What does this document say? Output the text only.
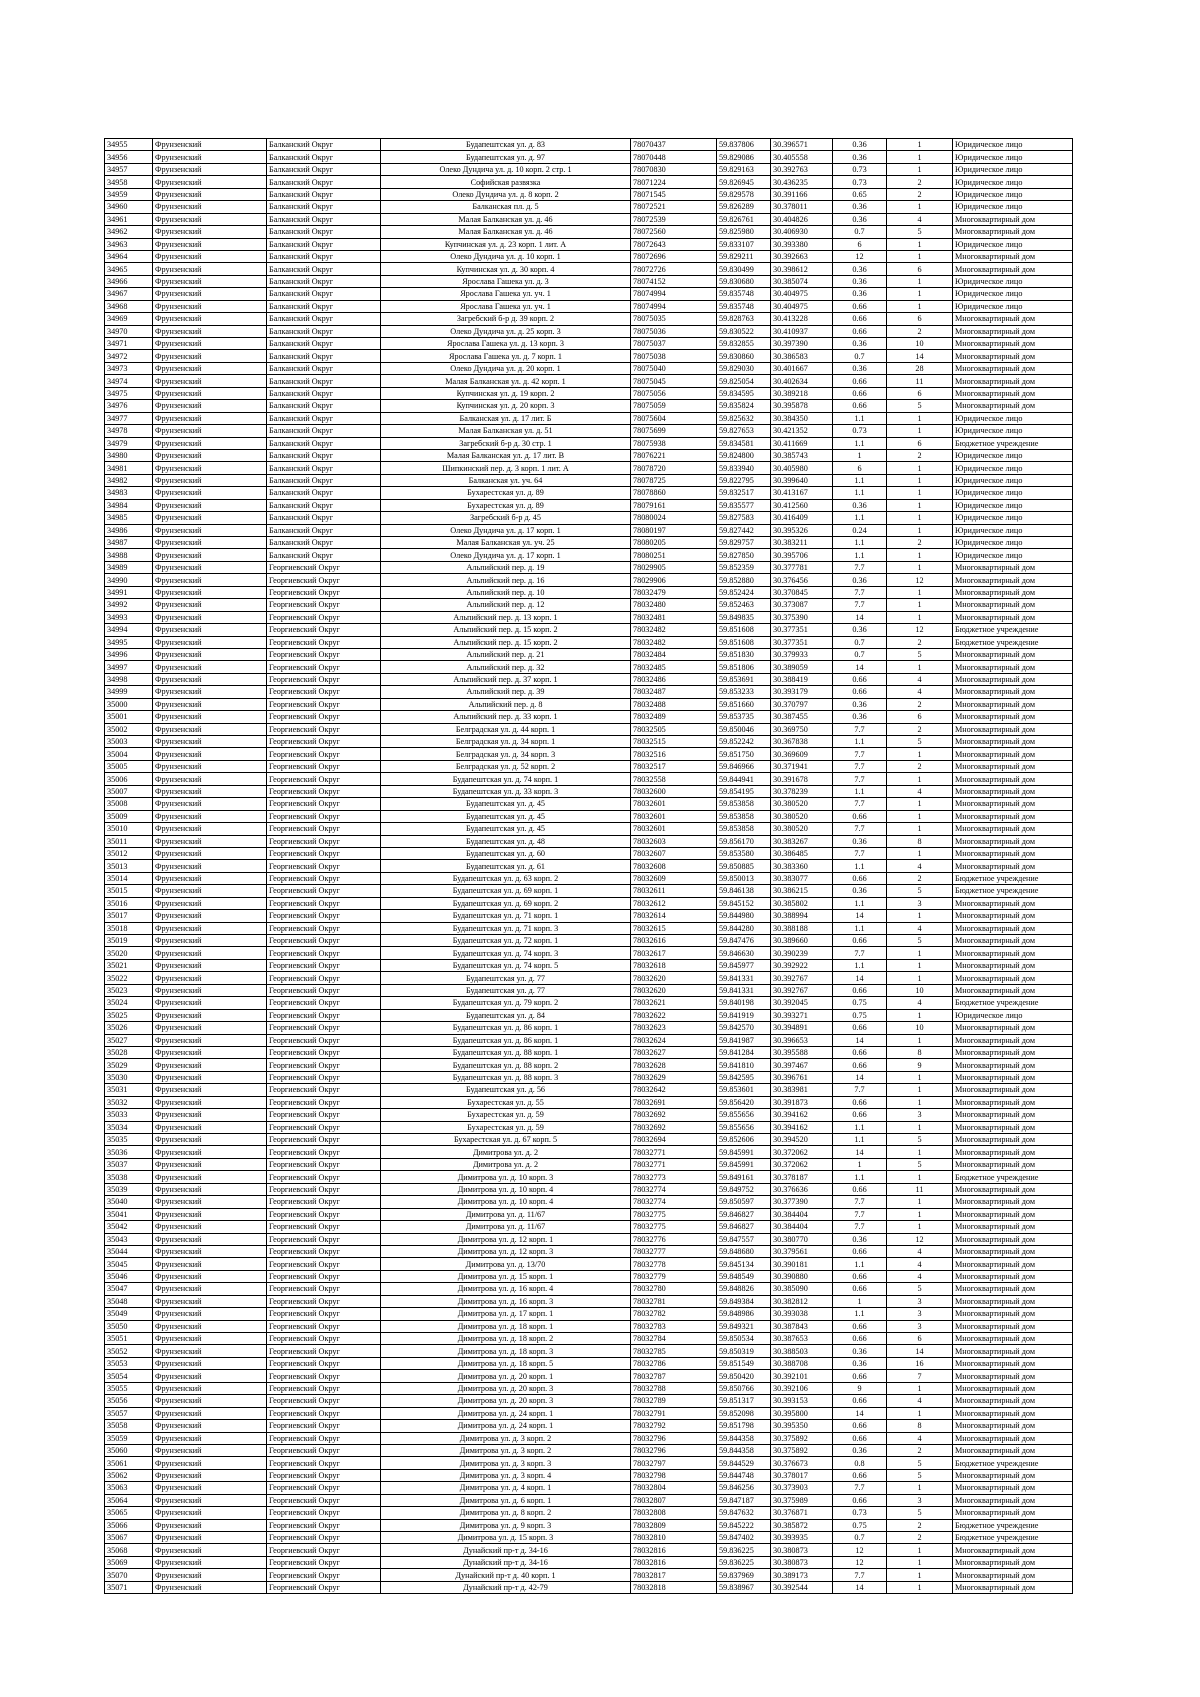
34955	Фрунзенский	Балканский Округ	Будапештская ул. д. 83	78070437	59.837806	30.396571	0.36	1	Юридическое лицо
34956	Фрунзенский	Балканский Округ	Будапештская ул. д. 97	78070448	59.829086	30.405558	0.36	1	Юридическое лицо
34957	Фрунзенский	Балканский Округ	Олеко Дундича ул. д. 10 корп. 2 стр. 1	78070830	59.829163	30.392763	0.73	1	Юридическое лицо
34958	Фрунзенский	Балканский Округ	Софийская развязка	78071224	59.826945	30.436235	0.73	2	Юридическое лицо
34959	Фрунзенский	Балканский Округ	Олеко Дундича ул. д. 8 корп. 2	78071545	59.829578	30.391166	0.65	2	Юридическое лицо
34960	Фрунзенский	Балканский Округ	Балканская пл. д. 5	78072521	59.826289	30.378011	0.36	1	Юридическое лицо
34961	Фрунзенский	Балканский Округ	Малая Балканская ул. д. 46	78072539	59.826761	30.404826	0.36	4	Многоквартирный дом
34962	Фрунзенский	Балканский Округ	Малая Балканская ул. д. 46	78072560	59.825980	30.406930	0.7	5	Многоквартирный дом
34963	Фрунзенский	Балканский Округ	Купчинская ул. д. 23 корп. 1 лит. А	78072643	59.833107	30.393380	6	1	Юридическое лицо
34964	Фрунзенский	Балканский Округ	Олеко Дундича ул. д. 10 корп. 1	78072696	59.829211	30.392663	12	1	Многоквартирный дом
34965	Фрунзенский	Балканский Округ	Купчинская ул. д. 30 корп. 4	78072726	59.830499	30.398612	0.36	6	Многоквартирный дом
34966	Фрунзенский	Балканский Округ	Ярослава Гашека ул. д. 3	78074152	59.830680	30.385074	0.36	1	Юридическое лицо
34967	Фрунзенский	Балканский Округ	Ярослава Гашека ул. уч. 1	78074994	59.835748	30.404975	0.36	1	Юридическое лицо
34968	Фрунзенский	Балканский Округ	Ярослава Гашека ул. уч. 1	78074994	59.835748	30.404975	0.66	1	Юридическое лицо
34969	Фрунзенский	Балканский Округ	Загребский б-р д. 39 корп. 2	78075035	59.828763	30.413228	0.66	6	Многоквартирный дом
34970	Фрунзенский	Балканский Округ	Олеко Дундича ул. д. 25 корп. 3	78075036	59.830522	30.410937	0.66	2	Многоквартирный дом
34971	Фрунзенский	Балканский Округ	Ярослава Гашека ул. д. 13 корп. 3	78075037	59.832855	30.397390	0.36	10	Многоквартирный дом
34972	Фрунзенский	Балканский Округ	Ярослава Гашека ул. д. 7 корп. 1	78075038	59.830860	30.386583	0.7	14	Многоквартирный дом
34973	Фрунзенский	Балканский Округ	Олеко Дундича ул. д. 20 корп. 1	78075040	59.829030	30.401667	0.36	28	Многоквартирный дом
34974	Фрунзенский	Балканский Округ	Малая Балканская ул. д. 42 корп. 1	78075045	59.825054	30.402634	0.66	11	Многоквартирный дом
34975	Фрунзенский	Балканский Округ	Купчинская ул. д. 19 корп. 2	78075056	59.834595	30.389218	0.66	6	Многоквартирный дом
34976	Фрунзенский	Балканский Округ	Купчинская ул. д. 20 корп. 3	78075059	59.835824	30.395878	0.66	5	Многоквартирный дом
34977	Фрунзенский	Балканский Округ	Балканская ул. д. 17 лит. Б	78075604	59.825632	30.384350	1.1	1	Юридическое лицо
34978	Фрунзенский	Балканский Округ	Малая Балканская ул. д. 51	78075699	59.827653	30.421352	0.73	1	Юридическое лицо
34979	Фрунзенский	Балканский Округ	Загребский б-р д. 30 стр. 1	78075938	59.834581	30.411669	1.1	6	Бюджетное учреждение
34980	Фрунзенский	Балканский Округ	Малая Балканская ул. д. 17 лит. В	78076221	59.824800	30.385743	1	2	Юридическое лицо
34981	Фрунзенский	Балканский Округ	Шипкинский пер. д. 3 корп. 1 лит. А	78078720	59.833940	30.405980	6	1	Юридическое лицо
34982	Фрунзенский	Балканский Округ	Балканская ул. уч. 64	78078725	59.822795	30.399640	1.1	1	Юридическое лицо
34983	Фрунзенский	Балканский Округ	Бухарестская ул. д. 89	78078860	59.832517	30.413167	1.1	1	Юридическое лицо
34984	Фрунзенский	Балканский Округ	Бухарестская ул. д. 89	78079161	59.835577	30.412560	0.36	1	Юридическое лицо
34985	Фрунзенский	Балканский Округ	Загребский б-р д. 45	78080024	59.827583	30.416409	1.1	1	Юридическое лицо
34986	Фрунзенский	Балканский Округ	Олеко Дундича ул. д. 17 корп. 1	78080197	59.827442	30.395326	0.24	1	Юридическое лицо
34987	Фрунзенский	Балканский Округ	Малая Балканская ул. уч. 25	78080205	59.829757	30.383211	1.1	2	Юридическое лицо
34988	Фрунзенский	Балканский Округ	Олеко Дундича ул. д. 17 корп. 1	78080251	59.827850	30.395706	1.1	1	Юридическое лицо
34989	Фрунзенский	Георгиевский Округ	Альпийский пер. д. 19	78029905	59.852359	30.377781	7.7	1	Многоквартирный дом
34990	Фрунзенский	Георгиевский Округ	Альпийский пер. д. 16	78029906	59.852880	30.376456	0.36	12	Многоквартирный дом
34991	Фрунзенский	Георгиевский Округ	Альпийский пер. д. 10	78032479	59.852424	30.370845	7.7	1	Многоквартирный дом
34992	Фрунзенский	Георгиевский Округ	Альпийский пер. д. 12	78032480	59.852463	30.373087	7.7	1	Многоквартирный дом
34993	Фрунзенский	Георгиевский Округ	Альпийский пер. д. 13 корп. 1	78032481	59.849835	30.375390	14	1	Многоквартирный дом
34994	Фрунзенский	Георгиевский Округ	Альпийский пер. д. 15 корп. 2	78032482	59.851608	30.377351	0.36	12	Бюджетное учреждение
34995	Фрунзенский	Георгиевский Округ	Альпийский пер. д. 15 корп. 2	78032482	59.851608	30.377351	0.7	2	Бюджетное учреждение
34996	Фрунзенский	Георгиевский Округ	Альпийский пер. д. 21	78032484	59.851830	30.379933	0.7	5	Многоквартирный дом
34997	Фрунзенский	Георгиевский Округ	Альпийский пер. д. 32	78032485	59.851806	30.389059	14	1	Многоквартирный дом
34998	Фрунзенский	Георгиевский Округ	Альпийский пер. д. 37 корп. 1	78032486	59.853691	30.388419	0.66	4	Многоквартирный дом
34999	Фрунзенский	Георгиевский Округ	Альпийский пер. д. 39	78032487	59.853233	30.393179	0.66	4	Многоквартирный дом
35000	Фрунзенский	Георгиевский Округ	Альпийский пер. д. 8	78032488	59.851660	30.370797	0.36	2	Многоквартирный дом
35001	Фрунзенский	Георгиевский Округ	Альпийский пер. д. 33 корп. 1	78032489	59.853735	30.387455	0.36	6	Многоквартирный дом
35002	Фрунзенский	Георгиевский Округ	Белградская ул. д. 44 корп. 1	78032505	59.850046	30.369750	7.7	2	Многоквартирный дом
35003	Фрунзенский	Георгиевский Округ	Белградская ул. д. 34 корп. 1	78032515	59.852242	30.367838	1.1	5	Многоквартирный дом
35004	Фрунзенский	Георгиевский Округ	Белградская ул. д. 34 корп. 3	78032516	59.851750	30.369609	7.7	1	Многоквартирный дом
35005	Фрунзенский	Георгиевский Округ	Белградская ул. д. 52 корп. 2	78032517	59.846966	30.371941	7.7	2	Многоквартирный дом
35006	Фрунзенский	Георгиевский Округ	Будапештская ул. д. 74 корп. 1	78032558	59.844941	30.391678	7.7	1	Многоквартирный дом
35007	Фрунзенский	Георгиевский Округ	Будапештская ул. д. 33 корп. 3	78032600	59.854195	30.378239	1.1	4	Многоквартирный дом
35008	Фрунзенский	Георгиевский Округ	Будапештская ул. д. 45	78032601	59.853858	30.380520	7.7	1	Многоквартирный дом
35009	Фрунзенский	Георгиевский Округ	Будапештская ул. д. 45	78032601	59.853858	30.380520	0.66	1	Многоквартирный дом
35010	Фрунзенский	Георгиевский Округ	Будапештская ул. д. 45	78032601	59.853858	30.380520	7.7	1	Многоквартирный дом
35011	Фрунзенский	Георгиевский Округ	Будапештская ул. д. 48	78032603	59.856170	30.383267	0.36	8	Многоквартирный дом
35012	Фрунзенский	Георгиевский Округ	Будапештская ул. д. 60	78032607	59.853580	30.386485	7.7	1	Многоквартирный дом
35013	Фрунзенский	Георгиевский Округ	Будапештская ул. д. 61	78032608	59.850885	30.383360	1.1	4	Многоквартирный дом
35014	Фрунзенский	Георгиевский Округ	Будапештская ул. д. 63 корп. 2	78032609	59.850013	30.383077	0.66	2	Бюджетное учреждение
35015	Фрунзенский	Георгиевский Округ	Будапештская ул. д. 69 корп. 1	78032611	59.846138	30.386215	0.36	5	Бюджетное учреждение
35016	Фрунзенский	Георгиевский Округ	Будапештская ул. д. 69 корп. 2	78032612	59.845152	30.385802	1.1	3	Многоквартирный дом
35017	Фрунзенский	Георгиевский Округ	Будапештская ул. д. 71 корп. 1	78032614	59.844980	30.388994	14	1	Многоквартирный дом
35018	Фрунзенский	Георгиевский Округ	Будапештская ул. д. 71 корп. 3	78032615	59.844280	30.388188	1.1	4	Многоквартирный дом
35019	Фрунзенский	Георгиевский Округ	Будапештская ул. д. 72 корп. 1	78032616	59.847476	30.389660	0.66	5	Многоквартирный дом
35020	Фрунзенский	Георгиевский Округ	Будапештская ул. д. 74 корп. 3	78032617	59.846630	30.390239	7.7	1	Многоквартирный дом
35021	Фрунзенский	Георгиевский Округ	Будапештская ул. д. 74 корп. 5	78032618	59.845977	30.392922	1.1	1	Многоквартирный дом
35022	Фрунзенский	Георгиевский Округ	Будапештская ул. д. 77	78032620	59.841331	30.392767	14	1	Многоквартирный дом
35023	Фрунзенский	Георгиевский Округ	Будапештская ул. д. 77	78032620	59.841331	30.392767	0.66	10	Многоквартирный дом
35024	Фрунзенский	Георгиевский Округ	Будапештская ул. д. 79 корп. 2	78032621	59.840198	30.392045	0.75	4	Бюджетное учреждение
35025	Фрунзенский	Георгиевский Округ	Будапештская ул. д. 84	78032622	59.841919	30.393271	0.75	1	Юридическое лицо
35026	Фрунзенский	Георгиевский Округ	Будапештская ул. д. 86 корп. 1	78032623	59.842570	30.394891	0.66	10	Многоквартирный дом
35027	Фрунзенский	Георгиевский Округ	Будапештская ул. д. 86 корп. 1	78032624	59.841987	30.396653	14	1	Многоквартирный дом
35028	Фрунзенский	Георгиевский Округ	Будапештская ул. д. 88 корп. 1	78032627	59.841284	30.395588	0.66	8	Многоквартирный дом
35029	Фрунзенский	Георгиевский Округ	Будапештская ул. д. 88 корп. 2	78032628	59.841810	30.397467	0.66	9	Многоквартирный дом
35030	Фрунзенский	Георгиевский Округ	Будапештская ул. д. 88 корп. 3	78032629	59.842595	30.396761	14	1	Многоквартирный дом
35031	Фрунзенский	Георгиевский Округ	Будапештская ул. д. 56	78032642	59.853601	30.383981	7.7	1	Многоквартирный дом
35032	Фрунзенский	Георгиевский Округ	Бухарестская ул. д. 55	78032691	59.856420	30.391873	0.66	1	Многоквартирный дом
35033	Фрунзенский	Георгиевский Округ	Бухарестская ул. д. 59	78032692	59.855656	30.394162	0.66	3	Многоквартирный дом
35034	Фрунзенский	Георгиевский Округ	Бухарестская ул. д. 59	78032692	59.855656	30.394162	1.1	1	Многоквартирный дом
35035	Фрунзенский	Георгиевский Округ	Бухарестская ул. д. 67 корп. 5	78032694	59.852606	30.394520	1.1	5	Многоквартирный дом
35036	Фрунзенский	Георгиевский Округ	Димитрова ул. д. 2	78032771	59.845991	30.372062	14	1	Многоквартирный дом
35037	Фрунзенский	Георгиевский Округ	Димитрова ул. д. 2	78032771	59.845991	30.372062	1	5	Многоквартирный дом
35038	Фрунзенский	Георгиевский Округ	Димитрова ул. д. 10 корп. 3	78032773	59.849161	30.378187	1.1	1	Бюджетное учреждение
35039	Фрунзенский	Георгиевский Округ	Димитрова ул. д. 10 корп. 4	78032774	59.849752	30.376636	0.66	11	Многоквартирный дом
35040	Фрунзенский	Георгиевский Округ	Димитрова ул. д. 10 корп. 4	78032774	59.850597	30.377390	7.7	1	Многоквартирный дом
35041	Фрунзенский	Георгиевский Округ	Димитрова ул. д. 11/67	78032775	59.846827	30.384404	7.7	1	Многоквартирный дом
35042	Фрунзенский	Георгиевский Округ	Димитрова ул. д. 11/67	78032775	59.846827	30.384404	7.7	1	Многоквартирный дом
35043	Фрунзенский	Георгиевский Округ	Димитрова ул. д. 12 корп. 1	78032776	59.847557	30.380770	0.36	12	Многоквартирный дом
35044	Фрунзенский	Георгиевский Округ	Димитрова ул. д. 12 корп. 3	78032777	59.848680	30.379561	0.66	4	Многоквартирный дом
35045	Фрунзенский	Георгиевский Округ	Димитрова ул. д. 13/70	78032778	59.845134	30.390181	1.1	4	Многоквартирный дом
35046	Фрунзенский	Георгиевский Округ	Димитрова ул. д. 15 корп. 1	78032779	59.848549	30.390880	0.66	4	Многоквартирный дом
35047	Фрунзенский	Георгиевский Округ	Димитрова ул. д. 16 корп. 4	78032780	59.848826	30.385090	0.66	5	Многоквартирный дом
35048	Фрунзенский	Георгиевский Округ	Димитрова ул. д. 16 корп. 3	78032781	59.849384	30.382812	1	3	Многоквартирный дом
35049	Фрунзенский	Георгиевский Округ	Димитрова ул. д. 17 корп. 1	78032782	59.848986	30.393038	1.1	3	Многоквартирный дом
35050	Фрунзенский	Георгиевский Округ	Димитрова ул. д. 18 корп. 1	78032783	59.849321	30.387843	0.66	3	Многоквартирный дом
35051	Фрунзенский	Георгиевский Округ	Димитрова ул. д. 18 корп. 2	78032784	59.850534	30.387653	0.66	6	Многоквартирный дом
35052	Фрунзенский	Георгиевский Округ	Димитрова ул. д. 18 корп. 3	78032785	59.850319	30.388503	0.36	14	Многоквартирный дом
35053	Фрунзенский	Георгиевский Округ	Димитрова ул. д. 18 корп. 5	78032786	59.851549	30.388708	0.36	16	Многоквартирный дом
35054	Фрунзенский	Георгиевский Округ	Димитрова ул. д. 20 корп. 1	78032787	59.850420	30.392101	0.66	7	Многоквартирный дом
35055	Фрунзенский	Георгиевский Округ	Димитрова ул. д. 20 корп. 3	78032788	59.850766	30.392106	9	1	Многоквартирный дом
35056	Фрунзенский	Георгиевский Округ	Димитрова ул. д. 20 корп. 3	78032789	59.851317	30.393153	0.66	4	Многоквартирный дом
35057	Фрунзенский	Георгиевский Округ	Димитрова ул. д. 24 корп. 1	78032791	59.852098	30.395800	14	1	Многоквартирный дом
35058	Фрунзенский	Георгиевский Округ	Димитрова ул. д. 24 корп. 1	78032792	59.851798	30.395350	0.66	8	Многоквартирный дом
35059	Фрунзенский	Георгиевский Округ	Димитрова ул. д. 3 корп. 2	78032796	59.844358	30.375892	0.66	4	Многоквартирный дом
35060	Фрунзенский	Георгиевский Округ	Димитрова ул. д. 3 корп. 2	78032796	59.844358	30.375892	0.36	2	Многоквартирный дом
35061	Фрунзенский	Георгиевский Округ	Димитрова ул. д. 3 корп. 3	78032797	59.844529	30.376673	0.8	5	Бюджетное учреждение
35062	Фрунзенский	Георгиевский Округ	Димитрова ул. д. 3 корп. 4	78032798	59.844748	30.378017	0.66	5	Многоквартирный дом
35063	Фрунзенский	Георгиевский Округ	Димитрова ул. д. 4 корп. 1	78032804	59.846256	30.373903	7.7	1	Многоквартирный дом
35064	Фрунзенский	Георгиевский Округ	Димитрова ул. д. 6 корп. 1	78032807	59.847187	30.375989	0.66	3	Многоквартирный дом
35065	Фрунзенский	Георгиевский Округ	Димитрова ул. д. 8 корп. 2	78032808	59.847632	30.376871	0.73	5	Многоквартирный дом
35066	Фрунзенский	Георгиевский Округ	Димитрова ул. д. 9 корп. 3	78032809	59.845222	30.385872	0.75	2	Бюджетное учреждение
35067	Фрунзенский	Георгиевский Округ	Димитрова ул. д. 15 корп. 3	78032810	59.847402	30.393935	0.7	2	Бюджетное учреждение
35068	Фрунзенский	Георгиевский Округ	Дунайский пр-т д. 34-16	78032816	59.836225	30.380873	12	1	Многоквартирный дом
35069	Фрунзенский	Георгиевский Округ	Дунайский пр-т д. 34-16	78032816	59.836225	30.380873	12	1	Многоквартирный дом
35070	Фрунзенский	Георгиевский Округ	Дунайский пр-т д. 40 корп. 1	78032817	59.837969	30.389173	7.7	1	Многоквартирный дом
35071	Фрунзенский	Георгиевский Округ	Дунайский пр-т д. 42-79	78032818	59.838967	30.392544	14	1	Многоквартирный дом
